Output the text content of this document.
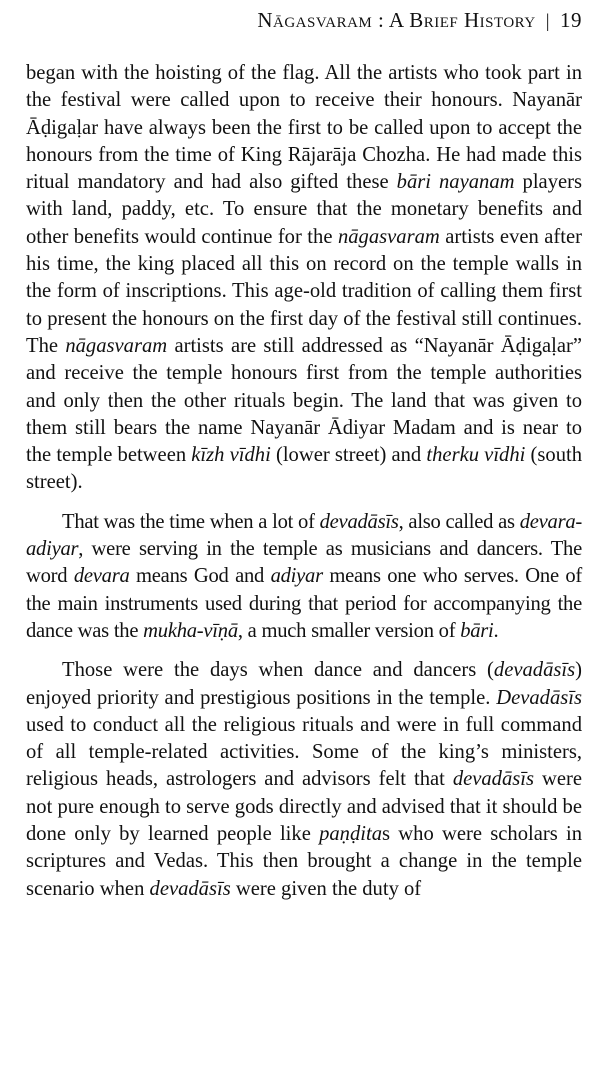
Nāgasvaram : A Brief History | 19

began with the hoisting of the flag. All the artists who took part in the festival were called upon to receive their honours. Nayanār Āḍigaḷar have always been the first to be called upon to accept the honours from the time of King Rājarāja Chozha. He had made this ritual mandatory and had also gifted these bāri nayanam players with land, paddy, etc. To ensure that the monetary benefits and other benefits would continue for the nāgasvaram artists even after his time, the king placed all this on record on the temple walls in the form of inscriptions. This age-old tradition of calling them first to present the honours on the first day of the festival still continues. The nāgasvaram artists are still addressed as “Nayanār Āḍigaḷar” and receive the temple honours first from the temple authorities and only then the other rituals begin. The land that was given to them still bears the name Nayanār Ādiyar Madam and is near to the temple between kīzh vīdhi (lower street) and therku vīdhi (south street).

That was the time when a lot of devadāsīs, also called as devara-adiyar, were serving in the temple as musicians and dancers. The word devara means God and adiyar means one who serves. One of the main instruments used during that period for accompanying the dance was the mukha-vīṇā, a much smaller version of bāri.

Those were the days when dance and dancers (devadāsīs) enjoyed priority and prestigious positions in the temple. Devadāsīs used to conduct all the religious rituals and were in full command of all temple-related activities. Some of the king’s ministers, religious heads, astrologers and advisors felt that devadāsīs were not pure enough to serve gods directly and advised that it should be done only by learned people like paṇḍitas who were scholars in scriptures and Vedas. This then brought a change in the temple scenario when devadāsīs were given the duty of
